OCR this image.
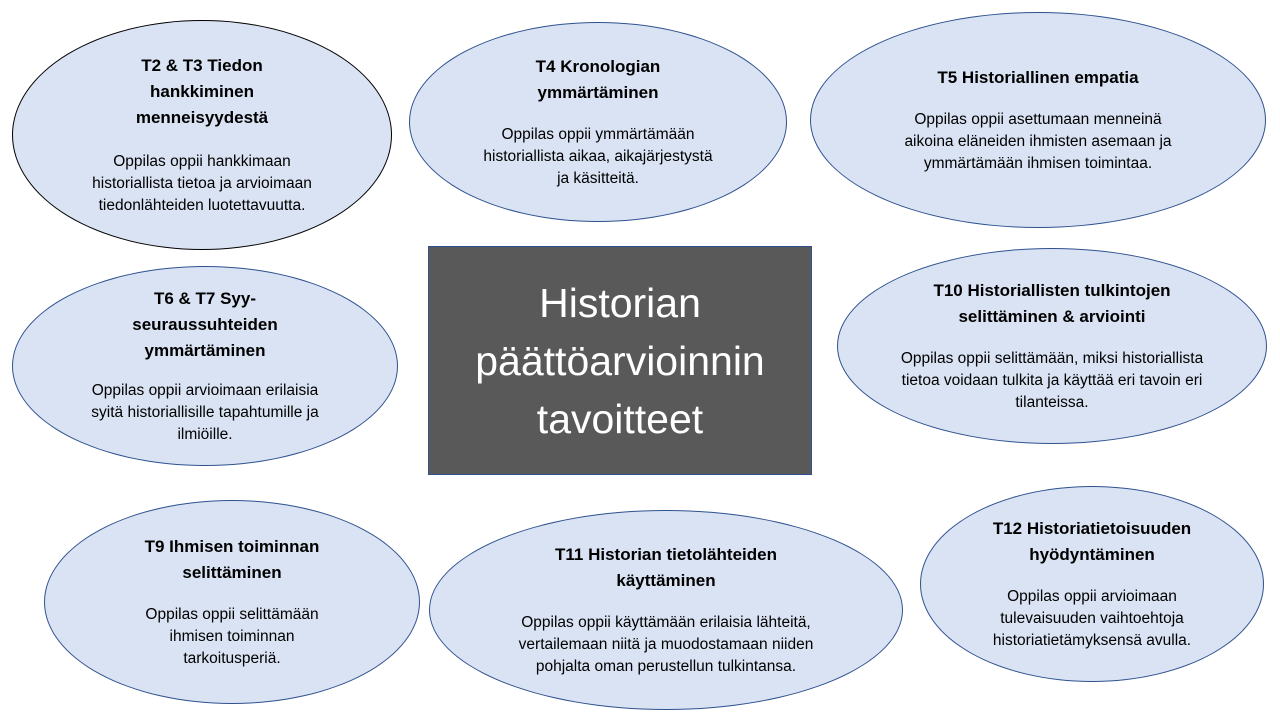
T2 & T3 Tiedon hankkiminen menneisyydestä

Oppilas oppii hankkimaan historiallista tietoa ja arvioimaan tiedonlähteiden luotettavuutta.

T4 Kronologian ymmärtäminen

Oppilas oppii ymmärtämään historiallista aikaa, aikajärjestystä ja käsitteitä.

T5 Historiallinen empatia

Oppilas oppii asettumaan menneinä aikoina eläneiden ihmisten asemaan ja ymmärtämään ihmisen toimintaa.

T6 & T7 Syy-seuraussuhteiden ymmärtäminen

Oppilas oppii arvioimaan erilaisia syitä historiallisille tapahtumille ja ilmiöille.

Historian päättöarvioinnin tavoitteet

T10 Historiallisten tulkintojen selittäminen & arviointi

Oppilas oppii selittämään, miksi historiallista tietoa voidaan tulkita ja käyttää eri tavoin eri tilanteissa.

T9 Ihmisen toiminnan selittäminen

Oppilas oppii selittämään ihmisen toiminnan tarkoitusperiä.

T11 Historian tietolähteiden käyttäminen

Oppilas oppii käyttämään erilaisia lähteitä, vertailemaan niitä ja muodostamaan niiden pohjalta oman perustellun tulkintansa.

T12 Historiatietoisuuden hyödyntäminen

Oppilas oppii arvioimaan tulevaisuuden vaihtoehtoja historiatietämyksensä avulla.
